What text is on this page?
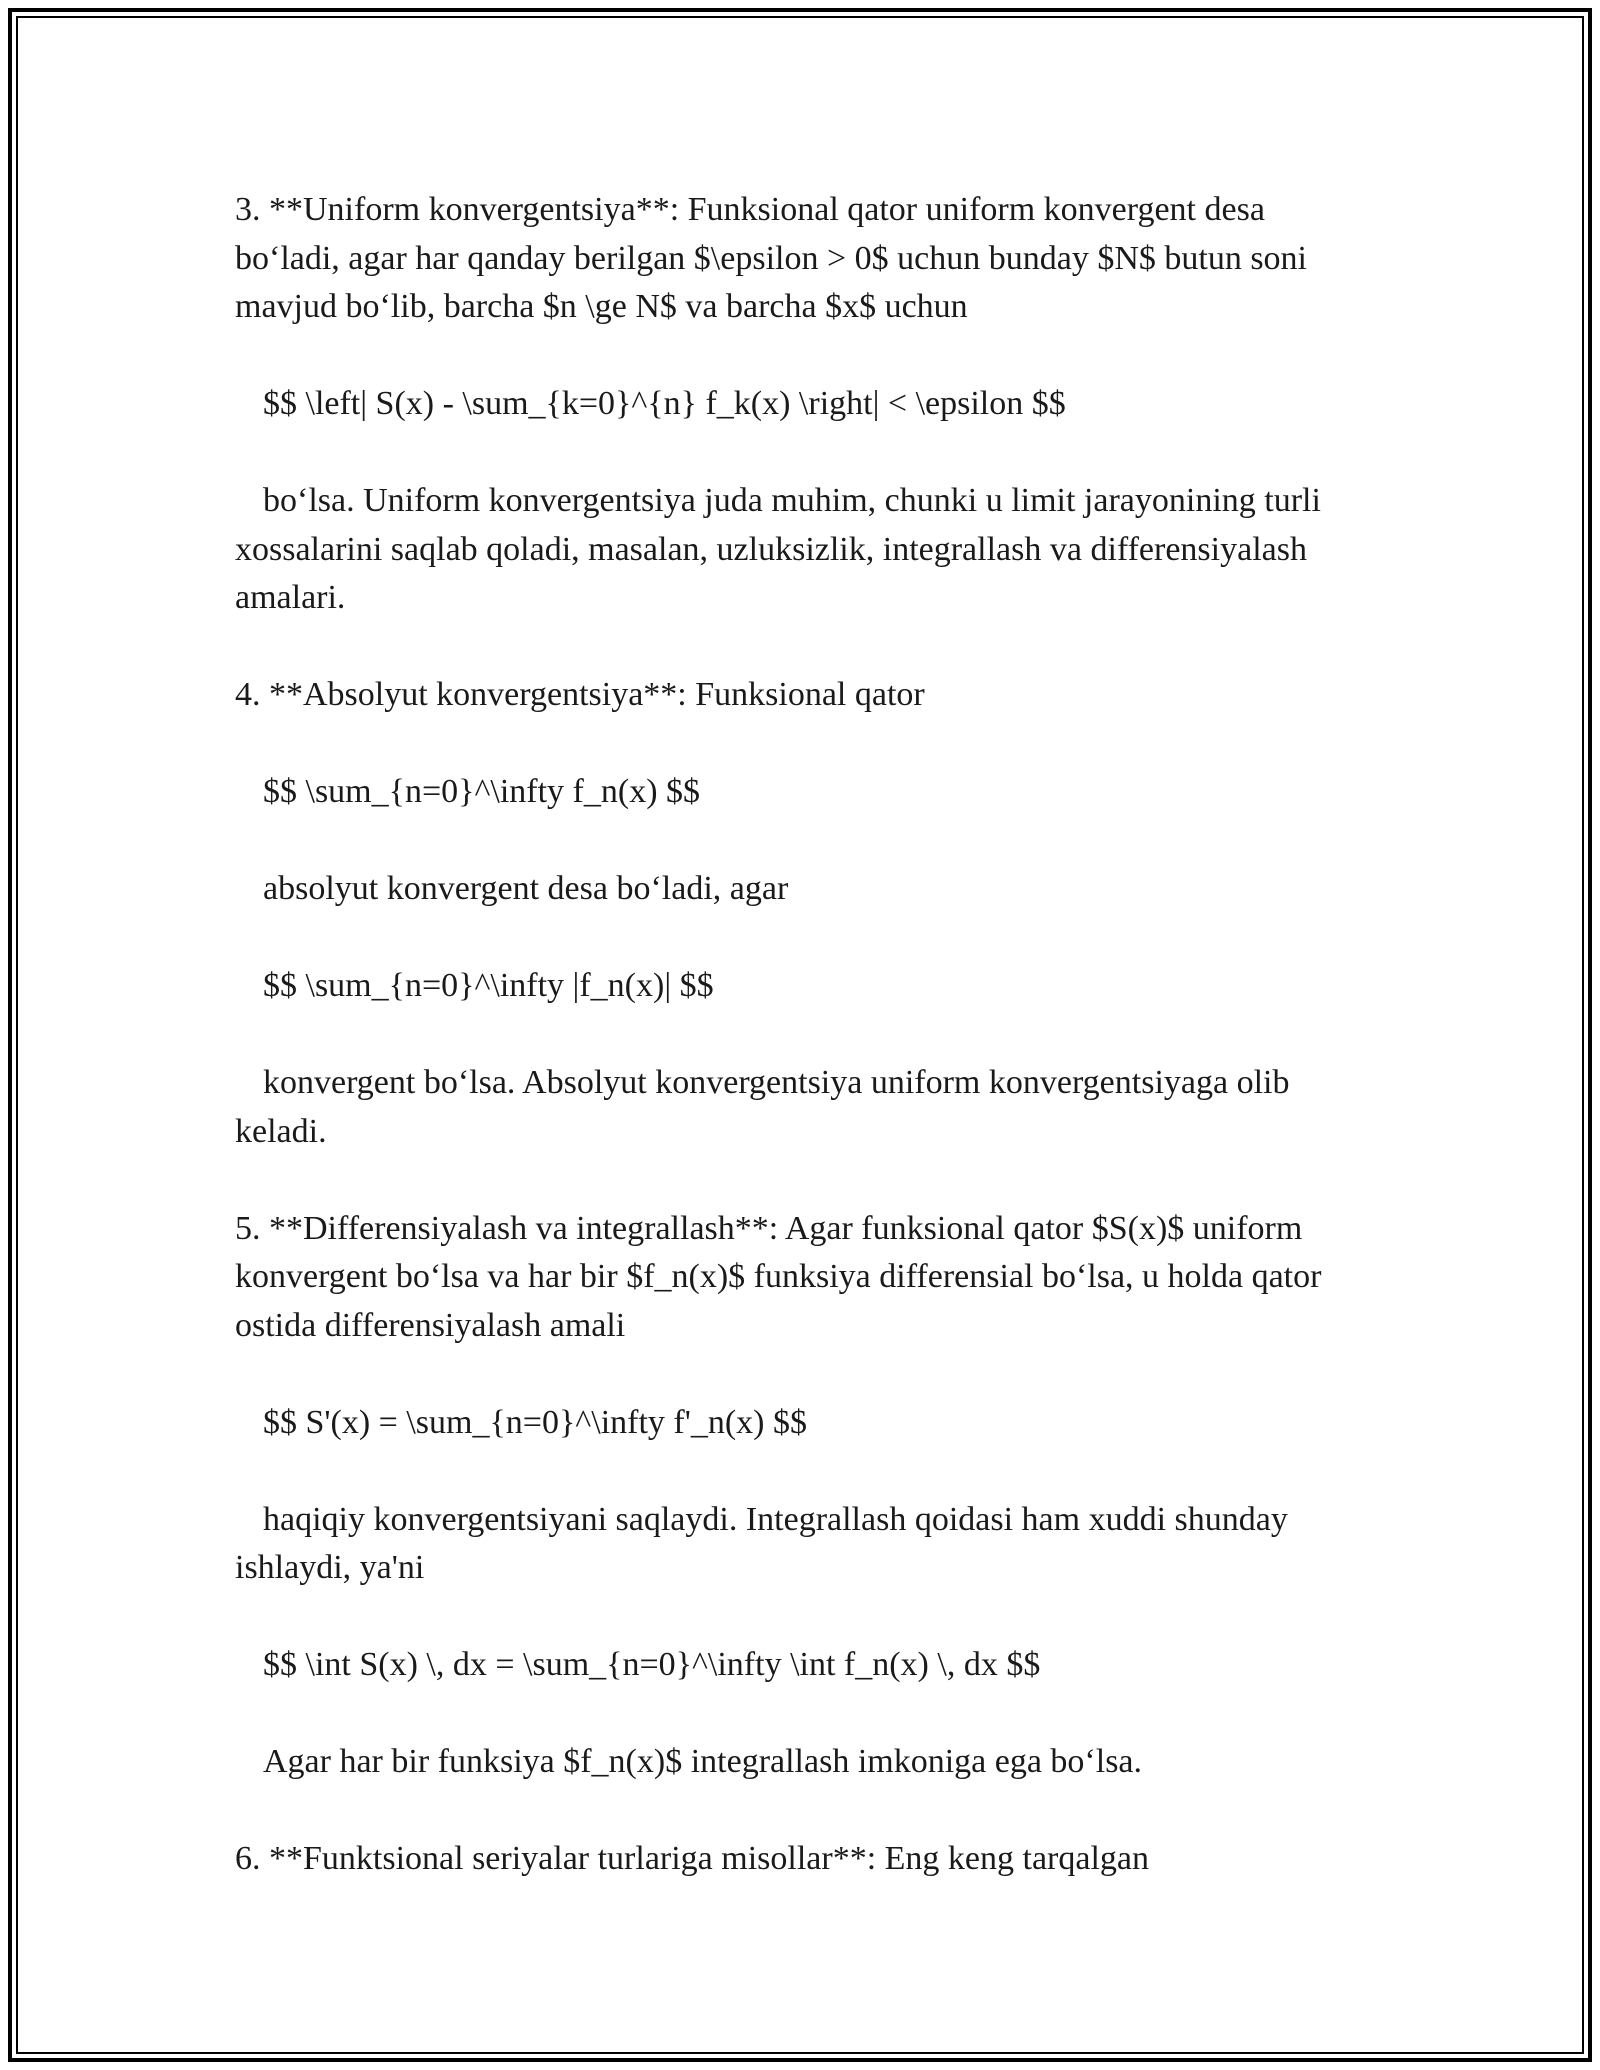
3. **Uniform konvergentsiya**: Funksional qator uniform konvergent desa bo‘ladi, agar har qanday berilgan $\epsilon > 0$ uchun bunday $N$ butun soni mavjud bo‘lib, barcha $n \ge N$ va barcha $x$ uchun

$$ \left| S(x) - \sum_{k=0}^{n} f_k(x) \right| < \epsilon $$

bo‘lsa. Uniform konvergentsiya juda muhim, chunki u limit jarayonining turli xossalarini saqlab qoladi, masalan, uzluksizlik, integrallash va differensiyalash amalari.

4. **Absolyut konvergentsiya**: Funksional qator

$$ \sum_{n=0}^\infty f_n(x) $$

absolyut konvergent desa bo‘ladi, agar

$$ \sum_{n=0}^\infty |f_n(x)| $$

konvergent bo‘lsa. Absolyut konvergentsiya uniform konvergentsiyaga olib keladi.

5. **Differensiyalash va integrallash**: Agar funksional qator $S(x)$ uniform konvergent bo‘lsa va har bir $f_n(x)$ funksiya differensial bo‘lsa, u holda qator ostida differensiyalash amali

$$ S'(x) = \sum_{n=0}^\infty f'_n(x) $$

haqiqiy konvergentsiyani saqlaydi. Integrallash qoidasi ham xuddi shunday ishlaydi, ya'ni

$$ \int S(x) \, dx = \sum_{n=0}^\infty \int f_n(x) \, dx $$

Agar har bir funksiya $f_n(x)$ integrallash imkoniga ega bo‘lsa.

6. **Funktsional seriyalar turlariga misollar**: Eng keng tarqalgan
